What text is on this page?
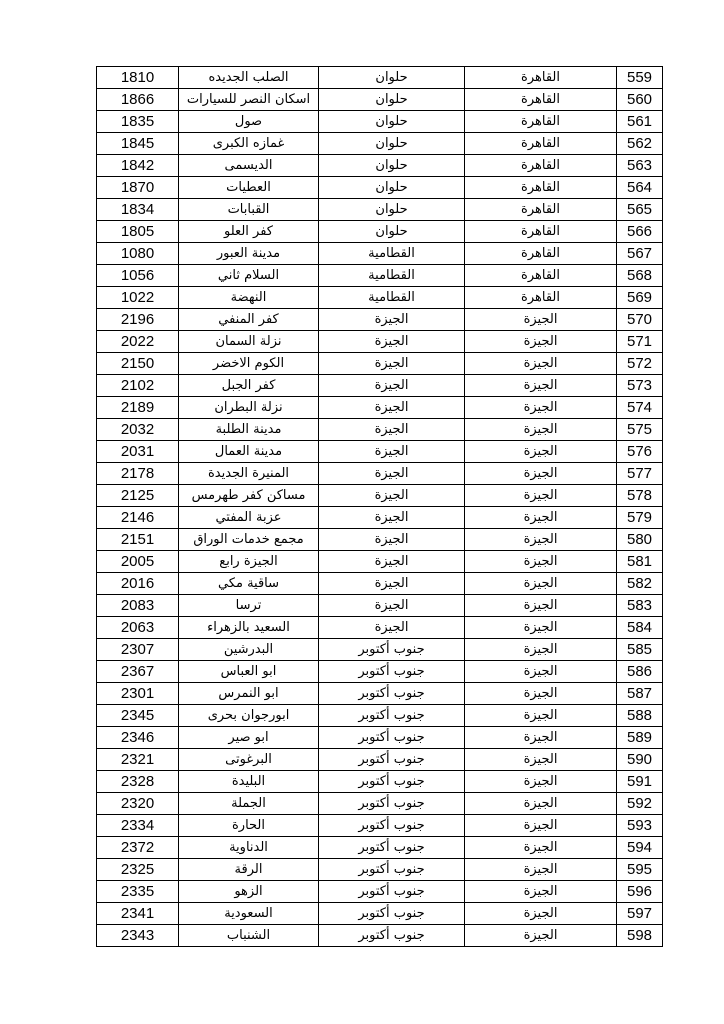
1810	الصلب الجديده	حلوان	القاهرة	559
1866	اسكان النصر للسيارات	حلوان	القاهرة	560
1835	صول	حلوان	القاهرة	561
1845	غمازه الكبرى	حلوان	القاهرة	562
1842	الديسمى	حلوان	القاهرة	563
1870	العطيات	حلوان	القاهرة	564
1834	القبابات	حلوان	القاهرة	565
1805	كفر العلو	حلوان	القاهرة	566
1080	مدينة العبور	القطامية	القاهرة	567
1056	السلام ثاني	القطامية	القاهرة	568
1022	النهضة	القطامية	القاهرة	569
2196	كفر المنفي	الجيزة	الجيزة	570
2022	نزلة السمان	الجيزة	الجيزة	571
2150	الكوم الاخضر	الجيزة	الجيزة	572
2102	كفر الجبل	الجيزة	الجيزة	573
2189	نزلة البطران	الجيزة	الجيزة	574
2032	مدينة الطلبة	الجيزة	الجيزة	575
2031	مدينة العمال	الجيزة	الجيزة	576
2178	المنيرة الجديدة	الجيزة	الجيزة	577
2125	مساكن كفر طهرمس	الجيزة	الجيزة	578
2146	عزبة المفتي	الجيزة	الجيزة	579
2151	مجمع خدمات الوراق	الجيزة	الجيزة	580
2005	الجيزة رابع	الجيزة	الجيزة	581
2016	ساقية مكي	الجيزة	الجيزة	582
2083	ترسا	الجيزة	الجيزة	583
2063	السعيد بالزهراء	الجيزة	الجيزة	584
2307	البدرشين	جنوب أكتوبر	الجيزة	585
2367	ابو العباس	جنوب أكتوبر	الجيزة	586
2301	ابو النمرس	جنوب أكتوبر	الجيزة	587
2345	ابورجوان بحرى	جنوب أكتوبر	الجيزة	588
2346	ابو صير	جنوب أكتوبر	الجيزة	589
2321	البرغوتى	جنوب أكتوبر	الجيزة	590
2328	البليدة	جنوب أكتوبر	الجيزة	591
2320	الجملة	جنوب أكتوبر	الجيزة	592
2334	الحارة	جنوب أكتوبر	الجيزة	593
2372	الدناوية	جنوب أكتوبر	الجيزة	594
2325	الرقة	جنوب أكتوبر	الجيزة	595
2335	الزهو	جنوب أكتوبر	الجيزة	596
2341	السعودية	جنوب أكتوبر	الجيزة	597
2343	الشنباب	جنوب أكتوبر	الجيزة	598
